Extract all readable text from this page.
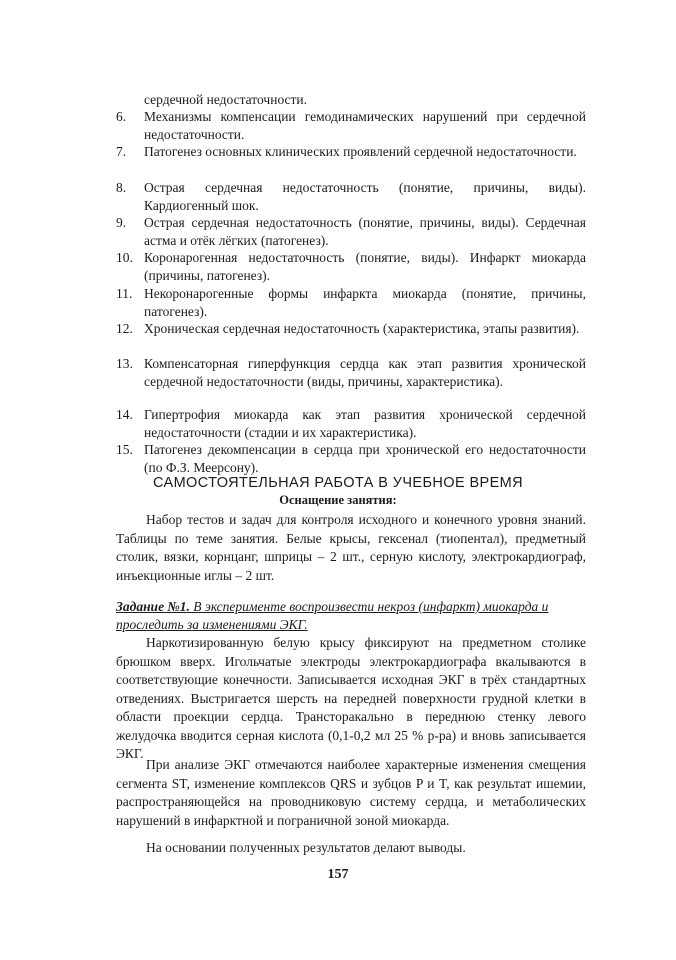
сердечной недостаточности.
6.	Механизмы компенсации гемодинамических нарушений при сердечной недостаточности.
7.	Патогенез основных клинических проявлений сердечной недостаточности.
8.	Острая сердечная недостаточность (понятие, причины, виды). Кардиогенный шок.
9.	Острая сердечная недостаточность (понятие, причины, виды). Сердечная астма и отёк лёгких (патогенез).
10. Коронарогенная недостаточность (понятие, виды). Инфаркт миокарда (причины, патогенез).
11. Некоронарогенные формы инфаркта миокарда (понятие, причины, патогенез).
12. Хроническая сердечная недостаточность (характеристика, этапы развития).
13. Компенсаторная гиперфункция сердца как этап развития хронической сердечной недостаточности (виды, причины, характеристика).
14. Гипертрофия миокарда как этап развития хронической сердечной недостаточности (стадии и их характеристика).
15. Патогенез декомпенсации в сердца при хронической его недостаточности (по Ф.З. Меерсону).
САМОСТОЯТЕЛЬНАЯ РАБОТА В УЧЕБНОЕ ВРЕМЯ
Оснащение занятия:
Набор тестов и задач для контроля исходного и конечного уровня знаний. Таблицы по теме занятия. Белые крысы, гексенал (тиопентал), предметный столик, вязки, корнцанг, шприцы – 2 шт., серную кислоту, электрокардиограф, инъекционные иглы – 2 шт.
Задание №1. В эксперименте воспроизвести некроз (инфаркт) миокарда и проследить за изменениями ЭКГ.
Наркотизированную белую крысу фиксируют на предметном столике брюшком вверх. Игольчатые электроды электрокардиографа вкалываются в соответствующие конечности. Записывается исходная ЭКГ в трёх стандартных отведениях. Выстригается шерсть на передней поверхности грудной клетки в области проекции сердца. Трансторакально в переднюю стенку левого желудочка вводится серная кислота (0,1-0,2 мл 25 % р-ра) и вновь записывается ЭКГ.
При анализе ЭКГ отмечаются наиболее характерные изменения смещения сегмента ST, изменение комплексов QRS и зубцов P и T, как результат ишемии, распространяющейся на проводниковую систему сердца, и метаболических нарушений в инфарктной и пограничной зоной миокарда.
На основании полученных результатов делают выводы.
157
